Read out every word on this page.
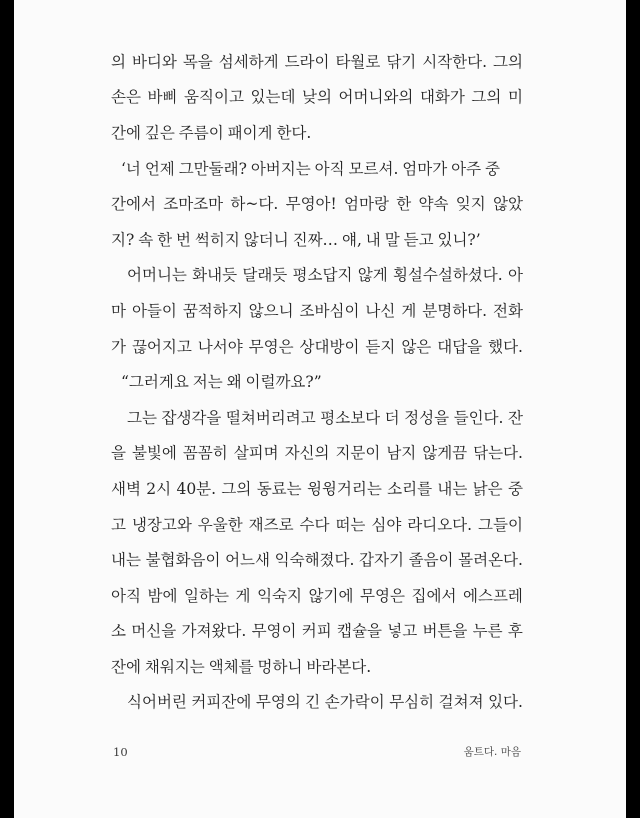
의 바디와 목을 섬세하게 드라이 타월로 닦기 시작한다. 그의
손은 바삐 움직이고 있는데 낮의 어머니와의 대화가 그의 미
간에 깊은 주름이 패이게 한다.
‘너 언제 그만둘래? 아버지는 아직 모르셔. 엄마가 아주 중
간에서 조마조마 하~다. 무영아! 엄마랑 한 약속 잊지 않았
지? 속 한 번 썩히지 않더니 진짜… 얘, 내 말 듣고 있니?’
어머니는 화내듯 달래듯 평소답지 않게 횡설수설하셨다. 아
마 아들이 꿈적하지 않으니 조바심이 나신 게 분명하다. 전화
가 끊어지고 나서야 무영은 상대방이 듣지 않은 대답을 했다.
“그러게요 저는 왜 이럴까요?”
그는 잡생각을 떨쳐버리려고 평소보다 더 정성을 들인다. 잔
을 불빛에 꼼꼼히 살피며 자신의 지문이 남지 않게끔 닦는다.
새벽 2시 40분. 그의 동료는 윙윙거리는 소리를 내는 낡은 중
고 냉장고와 우울한 재즈로 수다 떠는 심야 라디오다. 그들이
내는 불협화음이 어느새 익숙해졌다. 갑자기 졸음이 몰려온다.
아직 밤에 일하는 게 익숙지 않기에 무영은 집에서 에스프레
소 머신을 가져왔다. 무영이 커피 캡슐을 넣고 버튼을 누른 후
잔에 채워지는 액체를 멍하니 바라본다.
식어버린 커피잔에 무영의 긴 손가락이 무심히 걸쳐져 있다.
10	움트다. 마음
